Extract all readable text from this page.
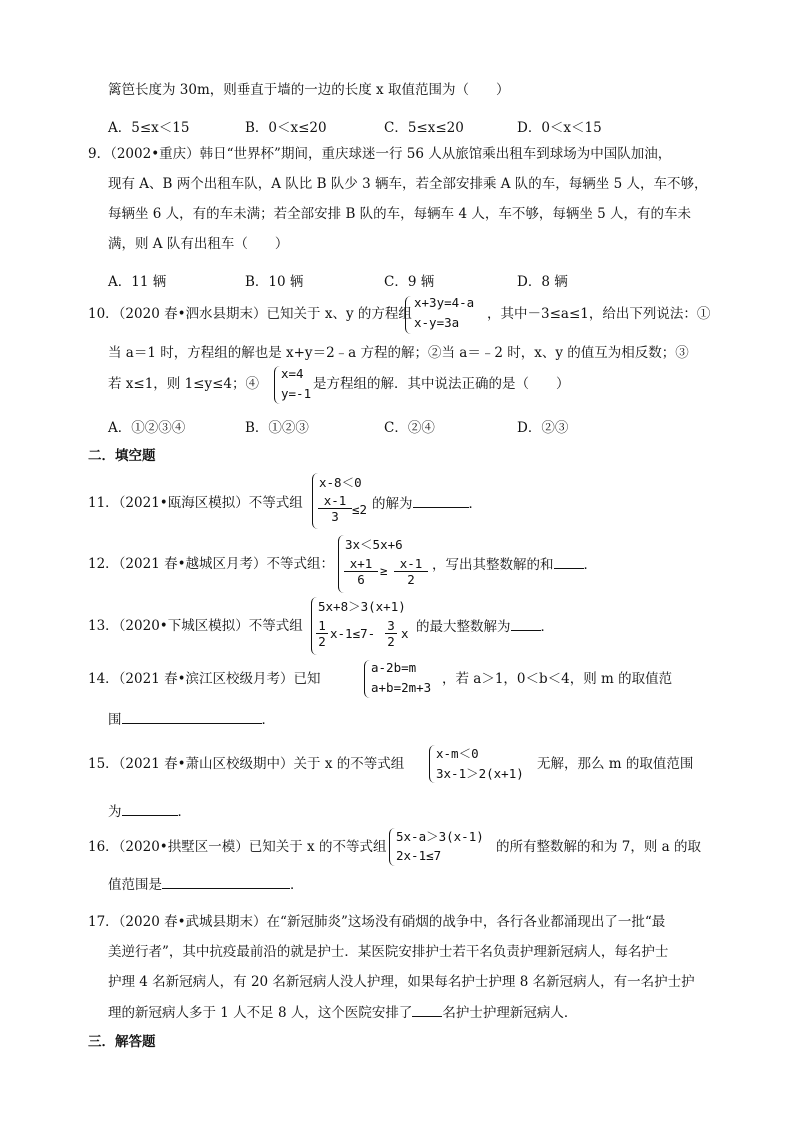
篱笆长度为 30m，则垂直于墙的一边的长度 x 取值范围为（　　）
A．5≤x＜15	B．0＜x≤20	C．5≤x≤20	D．0＜x＜15
9．（2002•重庆）韩日“世界杯”期间，重庆球迷一行 56 人从旅馆乘出租车到球场为中国队加油，
现有 A、B 两个出租车队，A 队比 B 队少 3 辆车，若全部安排乘 A 队的车，每辆坐 5 人，车不够，
每辆坐 6 人，有的车未满；若全部安排 B 队的车，每辆车 4 人，车不够，每辆坐 5 人，有的车未
满，则 A 队有出租车（　　）
A．11 辆	B．10 辆	C．9 辆	D．8 辆
10．（2020 春•泗水县期末）已知关于 x、y 的方程组
x+3y=4-a
x-y=3a
，其中－3≤a≤1，给出下列说法：①
当 a＝1 时，方程组的解也是 x+y＝2﹣a 方程的解；②当 a＝﹣2 时，x、y 的值互为相反数；③
若 x≤1，则 1≤y≤4；④
x=4
y=-1
是方程组的解．其中说法正确的是（　　）
A．①②③④	B．①②③	C．②④	D．②③
二．填空题
11．（2021•瓯海区模拟）不等式组
x-8＜0
$\frac{x-1}{3} \le 2$ 的解为	．
12．（2021 春•越城区月考）不等式组：
3x＜5x+6
$\frac{x+1}{6} \ge \frac{x-1}{2}$ ，写出其整数解的和 ．
13．（2020•下城区模拟）不等式组
5x+8＞3(x+1)
$\frac{1}{2} x-1\le 7- \frac{3}{2}$ x 的最大整数解为 ．
14．（2021 春•滨江区校级月考）已知
a-2b=m
a+b=2m+3
，若 a＞1，0＜b＜4，则 m 的取值范
围	．
15．（2021 春•萧山区校级期中）关于 x 的不等式组
x-m＜0
3x-1＞2(x+1)
无解，那么 m 的取值范围
为	．
16．（2020•拱墅区一模）已知关于 x 的不等式组
5x-a＞3(x-1)
2x-1≤7
的所有整数解的和为 7，则 a 的取
值范围是	．
17．（2020 春•武城县期末）在“新冠肺炎”这场没有硝烟的战争中，各行各业都涌现出了一批“最
美逆行者”，其中抗疫最前沿的就是护士．某医院安排护士若干名负责护理新冠病人，每名护士
护理 4 名新冠病人，有 20 名新冠病人没人护理，如果每名护士护理 8 名新冠病人，有一名护士护
理的新冠病人多于 1 人不足 8 人，这个医院安排了 名护士护理新冠病人．
三．解答题
